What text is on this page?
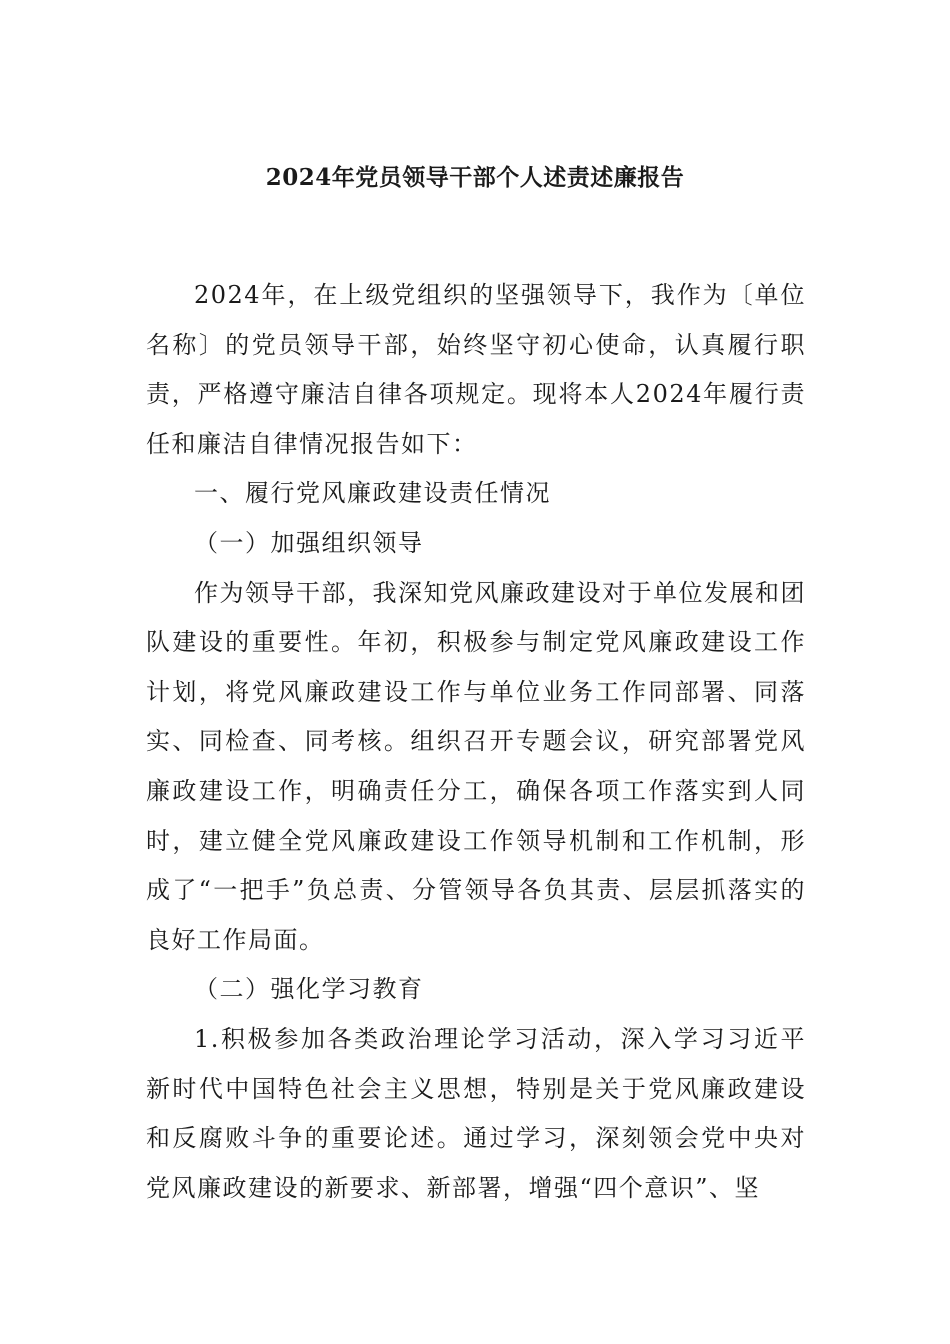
2024年党员领导干部个人述责述廉报告

2024年，在上级党组织的坚强领导下，我作为〔单位名称〕的党员领导干部，始终坚守初心使命，认真履行职责，严格遵守廉洁自律各项规定。现将本人2024年履行责任和廉洁自律情况报告如下：

一、履行党风廉政建设责任情况

（一）加强组织领导

作为领导干部，我深知党风廉政建设对于单位发展和团队建设的重要性。年初，积极参与制定党风廉政建设工作计划，将党风廉政建设工作与单位业务工作同部署、同落实、同检查、同考核。组织召开专题会议，研究部署党风廉政建设工作，明确责任分工，确保各项工作落实到人同时，建立健全党风廉政建设工作领导机制和工作机制，形成了“一把手”负总责、分管领导各负其责、层层抓落实的良好工作局面。

（二）强化学习教育

1.积极参加各类政治理论学习活动，深入学习习近平新时代中国特色社会主义思想，特别是关于党风廉政建设和反腐败斗争的重要论述。通过学习，深刻领会党中央对党风廉政建设的新要求、新部署，增强“四个意识”、坚
